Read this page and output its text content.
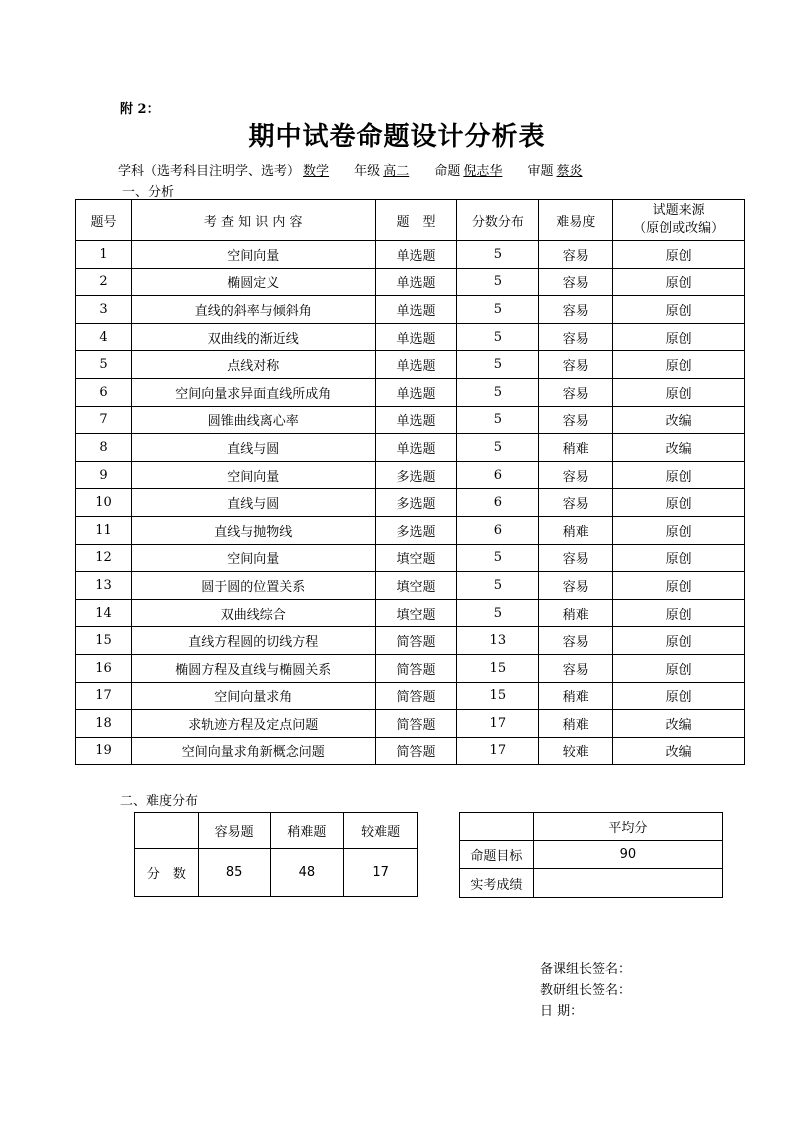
附 2：
期中试卷命题设计分析表
学科（选考科目注明学、选考） 数学 年级 高二 命题 倪志华 审题 蔡炎
一、分析
题号	考 查 知 识 内 容	题　型	分数分布	难易度	试题来源
（原创或改编）
1	空间向量	单选题	5	容易	原创
2	椭圆定义	单选题	5	容易	原创
3	直线的斜率与倾斜角	单选题	5	容易	原创
4	双曲线的渐近线	单选题	5	容易	原创
5	点线对称	单选题	5	容易	原创
6	空间向量求异面直线所成角	单选题	5	容易	原创
7	圆锥曲线离心率	单选题	5	容易	改编
8	直线与圆	单选题	5	稍难	改编
9	空间向量	多选题	6	容易	原创
10	直线与圆	多选题	6	容易	原创
11	直线与抛物线	多选题	6	稍难	原创
12	空间向量	填空题	5	容易	原创
13	圆于圆的位置关系	填空题	5	容易	原创
14	双曲线综合	填空题	5	稍难	原创
15	直线方程圆的切线方程	简答题	13	容易	原创
16	椭圆方程及直线与椭圆关系	简答题	15	容易	原创
17	空间向量求角	简答题	15	稍难	原创
18	求轨迹方程及定点问题	简答题	17	稍难	改编
19	空间向量求角新概念问题	简答题	17	较难	改编
二、难度分布
	容易题	稍难题	较难题
分　数	85	48	17
	平均分
命题目标	90
实考成绩	
备课组长签名：
教研组长签名：
日 期：
